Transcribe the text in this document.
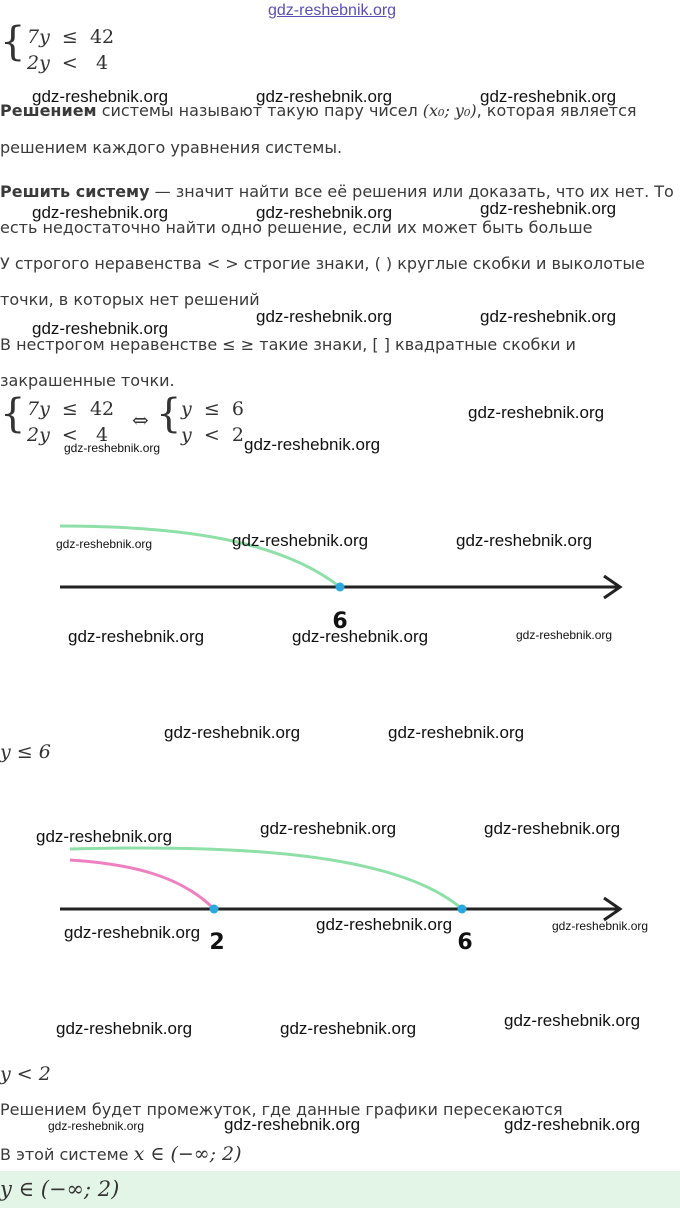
gdz-reshebnik.org
{ 7y ≤ 42
2y < 4
Решением системы называют такую пару чисел (x₀; y₀), которая является
решением каждого уравнения системы.
Решить систему — значит найти все её решения или доказать, что их нет. То
есть недостаточно найти одно решение, если их может быть больше
У строгого неравенства < > строгие знаки, ( ) круглые скобки и выколотые
точки, в которых нет решений
В нестрогом неравенстве ≤ ≥ такие знаки, [ ] квадратные скобки и
закрашенные точки.
{ 7y ≤ 42
2y < 4
⇔ { y ≤ 6
y < 2
6
y ≤ 6
2	6
y < 2
Решением будет промежуток, где данные графики пересекаются
В этой системе x ∈ (−∞; 2)
y ∈ (−∞; 2)
gdz-reshebnik.org	gdz-reshebnik.org	gdz-reshebnik.org
gdz-reshebnik.org	gdz-reshebnik.org	gdz-reshebnik.org
gdz-reshebnik.org
gdz-reshebnik.org	gdz-reshebnik.org
gdz-reshebnik.org
gdz-reshebnik.org	gdz-reshebnik.org
gdz-reshebnik.org	gdz-reshebnik.org	gdz-reshebnik.org
gdz-reshebnik.org	gdz-reshebnik.org	gdz-reshebnik.org
gdz-reshebnik.org	gdz-reshebnik.org
gdz-reshebnik.org	gdz-reshebnik.org	gdz-reshebnik.org
gdz-reshebnik.org	gdz-reshebnik.org	gdz-reshebnik.org
gdz-reshebnik.org	gdz-reshebnik.org	gdz-reshebnik.org
gdz-reshebnik.org	gdz-reshebnik.org	gdz-reshebnik.org
